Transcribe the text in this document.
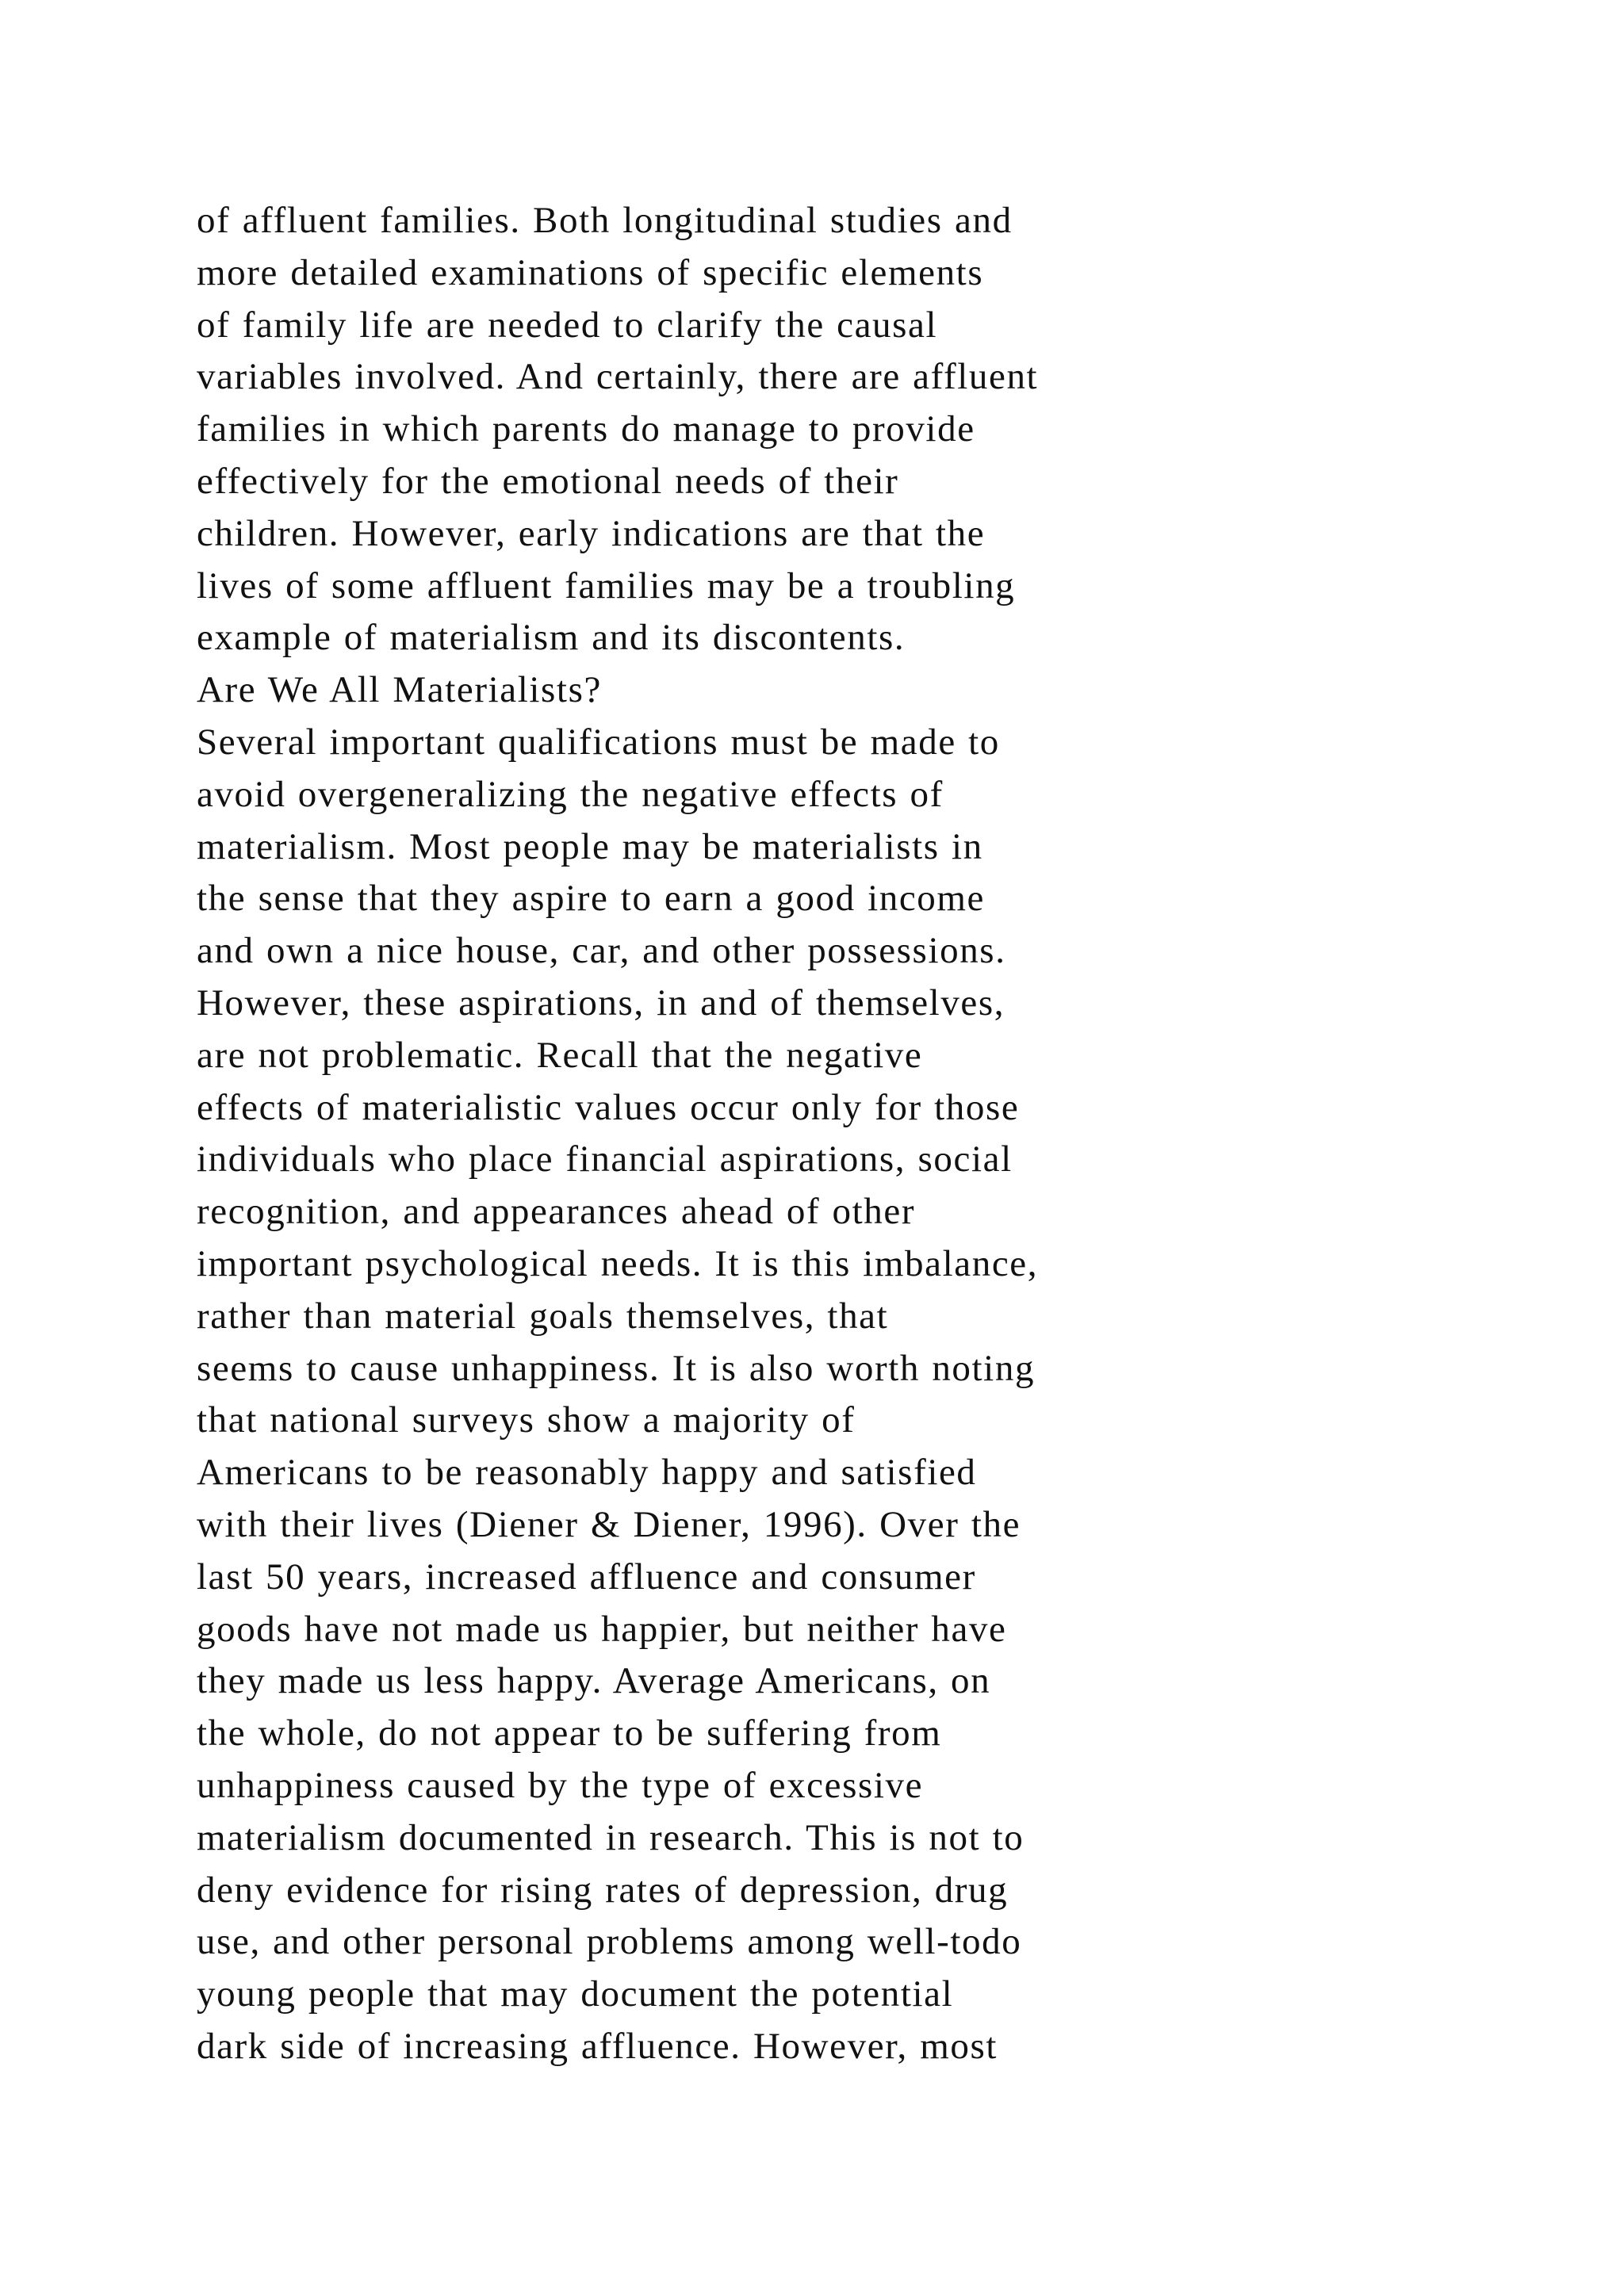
of affluent families. Both longitudinal studies and
more detailed examinations of specific elements
of family life are needed to clarify the causal
variables involved. And certainly, there are affluent
families in which parents do manage to provide
effectively for the emotional needs of their
children. However, early indications are that the
lives of some affluent families may be a troubling
example of materialism and its discontents.
Are We All Materialists?
Several important qualifications must be made to
avoid overgeneralizing the negative effects of
materialism. Most people may be materialists in
the sense that they aspire to earn a good income
and own a nice house, car, and other possessions.
However, these aspirations, in and of themselves,
are not problematic. Recall that the negative
effects of materialistic values occur only for those
individuals who place financial aspirations, social
recognition, and appearances ahead of other
important psychological needs. It is this imbalance,
rather than material goals themselves, that
seems to cause unhappiness. It is also worth noting
that national surveys show a majority of
Americans to be reasonably happy and satisfied
with their lives (Diener & Diener, 1996). Over the
last 50 years, increased affluence and consumer
goods have not made us happier, but neither have
they made us less happy. Average Americans, on
the whole, do not appear to be suffering from
unhappiness caused by the type of excessive
materialism documented in research. This is not to
deny evidence for rising rates of depression, drug
use, and other personal problems among well-todo
young people that may document the potential
dark side of increasing affluence. However, most
